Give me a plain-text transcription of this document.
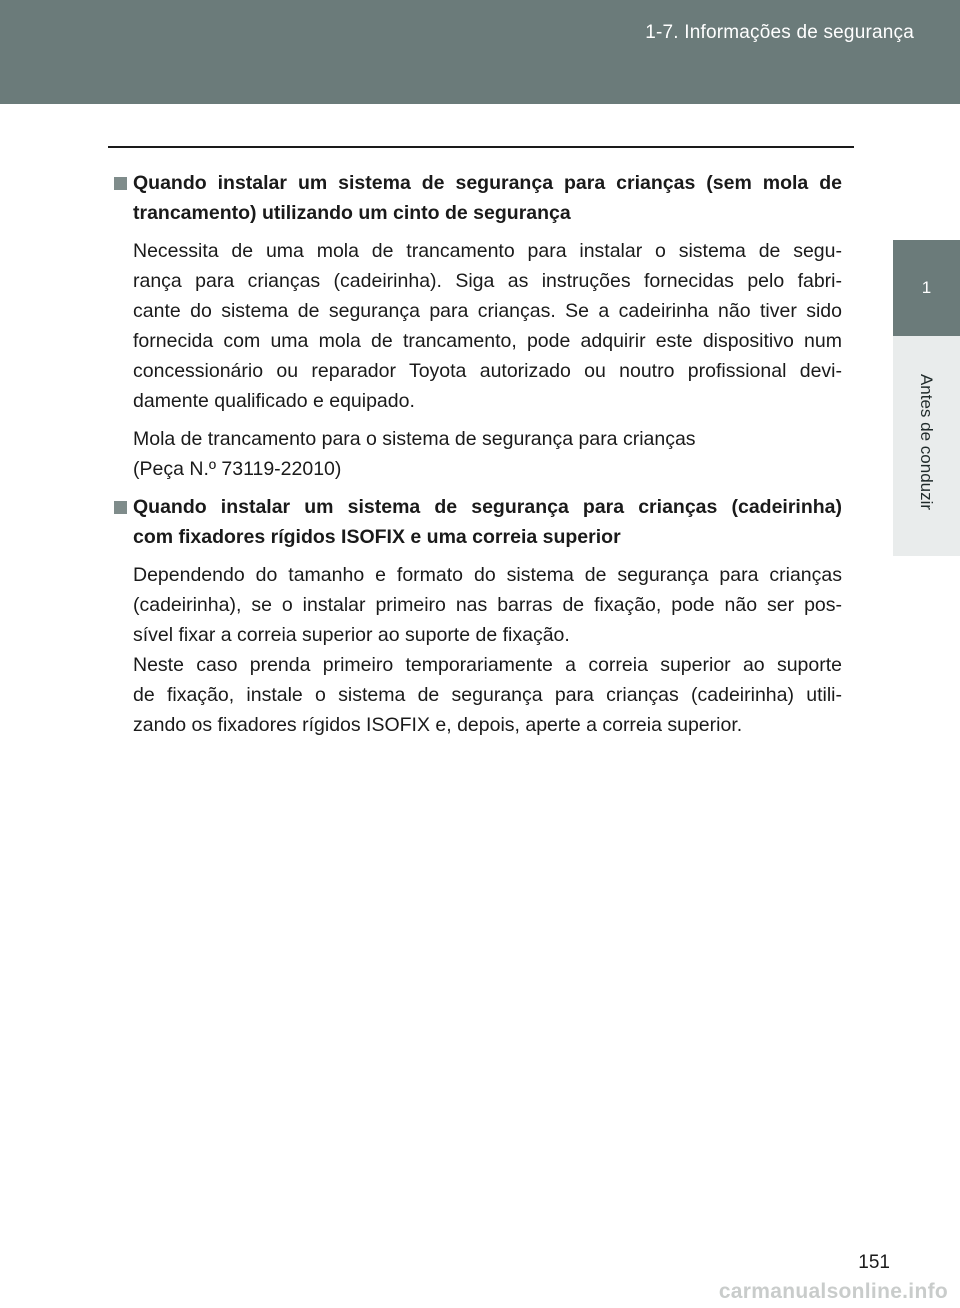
1-7. Informações de segurança
1
Antes de conduzir
Quando instalar um sistema de segurança para crianças (sem mola de
trancamento) utilizando um cinto de segurança
Necessita de uma mola de trancamento para instalar o sistema de segu-
rança para crianças (cadeirinha). Siga as instruções fornecidas pelo fabri-
cante do sistema de segurança para crianças. Se a cadeirinha não tiver sido
fornecida com uma mola de trancamento, pode adquirir este dispositivo num
concessionário ou reparador Toyota autorizado ou noutro profissional devi-
damente qualificado e equipado.
Mola de trancamento para o sistema de segurança para crianças
(Peça N.º 73119-22010)
Quando instalar um sistema de segurança para crianças (cadeirinha)
com fixadores rígidos ISOFIX e uma correia superior
Dependendo do tamanho e formato do sistema de segurança para crianças
(cadeirinha), se o instalar primeiro nas barras de fixação, pode não ser pos-
sível fixar a correia superior ao suporte de fixação.
Neste caso prenda primeiro temporariamente a correia superior ao suporte
de fixação, instale o sistema de segurança para crianças (cadeirinha) utili-
zando os fixadores rígidos ISOFIX e, depois, aperte a correia superior.
151
carmanualsonline.info
